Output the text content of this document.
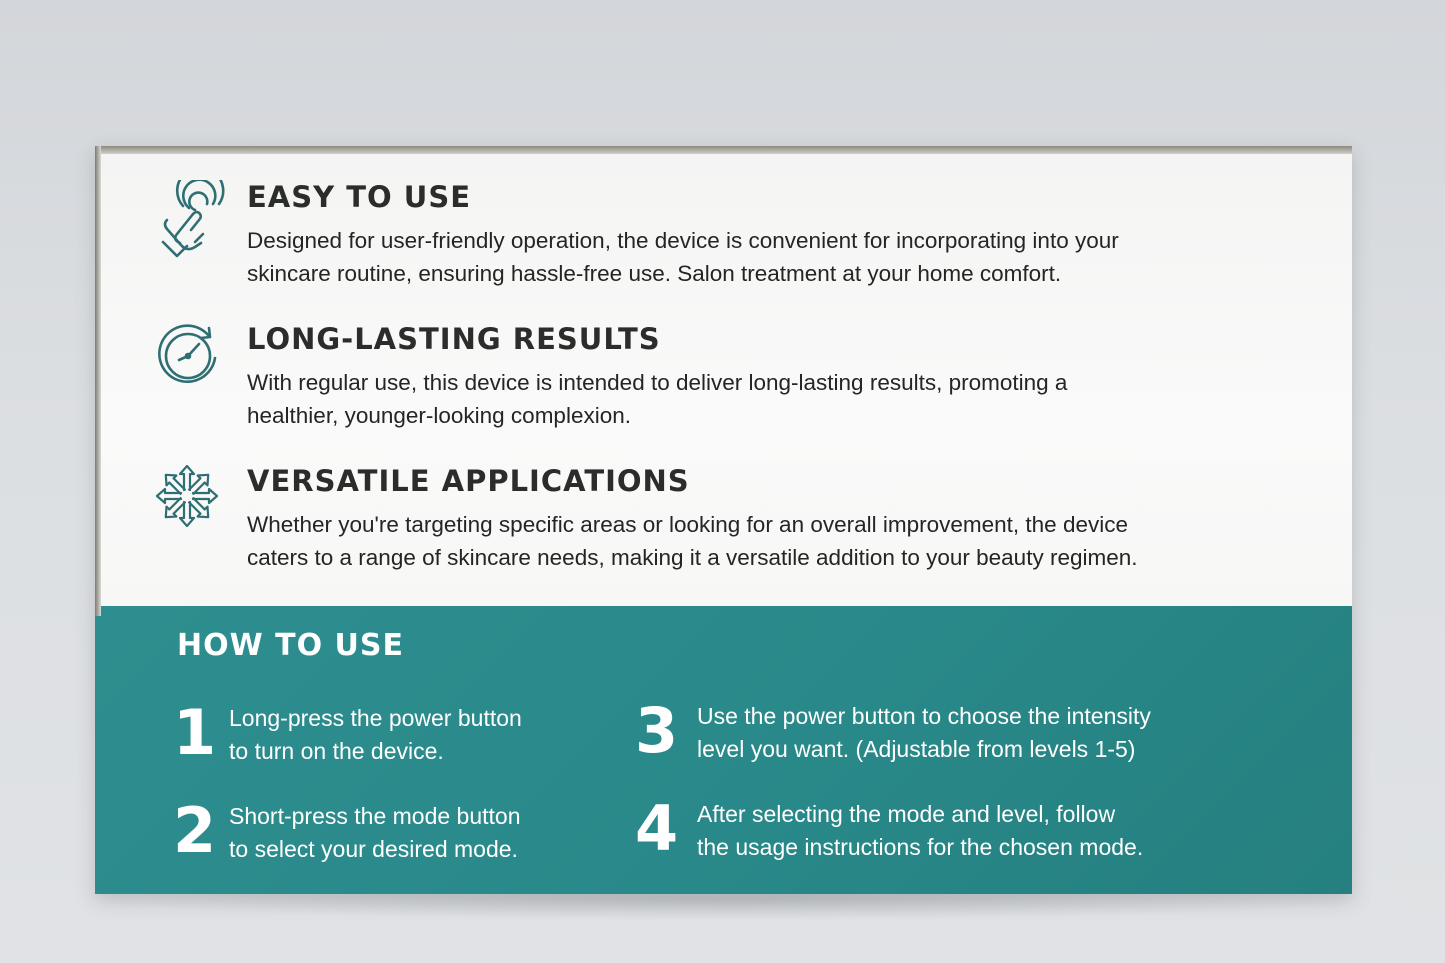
EASY TO USE
Designed for user-friendly operation, the device is convenient for incorporating into your
skincare routine, ensuring hassle-free use. Salon treatment at your home comfort.
LONG-LASTING RESULTS
With regular use, this device is intended to deliver long-lasting results, promoting a
healthier, younger-looking complexion.
VERSATILE APPLICATIONS
Whether you're targeting specific areas or looking for an overall improvement, the device
caters to a range of skincare needs, making it a versatile addition to your beauty regimen.
HOW TO USE
1 Long-press the power button
to turn on the device.
2 Short-press the mode button
to select your desired mode.
3 Use the power button to choose the intensity
level you want. (Adjustable from levels 1-5)
4 After selecting the mode and level, follow
the usage instructions for the chosen mode.
